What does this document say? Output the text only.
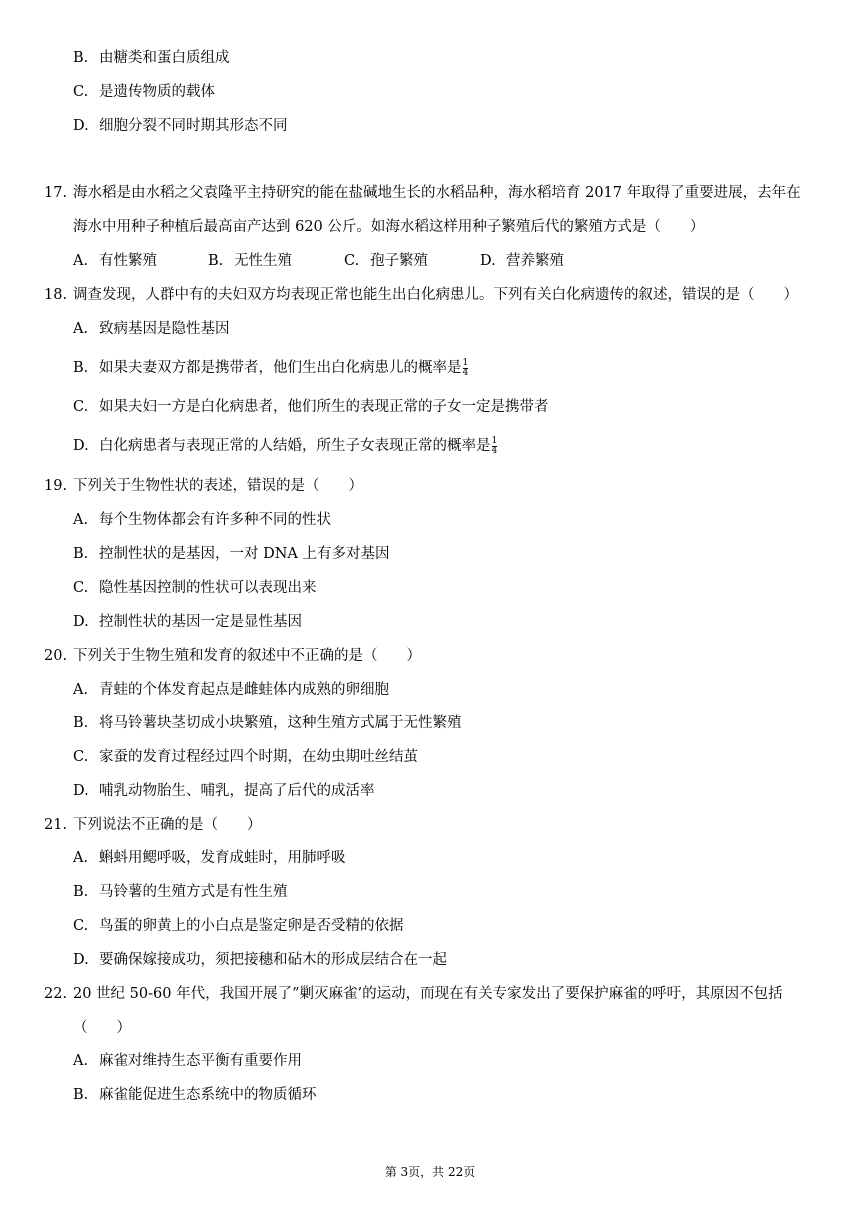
B. 由糖类和蛋白质组成
C. 是遗传物质的载体
D. 细胞分裂不同时期其形态不同
17. 海水稻是由水稻之父袁隆平主持研究的能在盐碱地生长的水稻品种，海水稻培育 2017 年取得了重要进展，去年在
海水中用种子种植后最高亩产达到 620 公斤。如海水稻这样用种子繁殖后代的繁殖方式是（　　）
A. 有性繁殖	B. 无性生殖	C. 孢子繁殖	D. 营养繁殖
18. 调查发现，人群中有的夫妇双方均表现正常也能生出白化病患儿。下列有关白化病遗传的叙述，错误的是（　　）
A. 致病基因是隐性基因
B. 如果夫妻双方都是携带者，他们生出白化病患儿的概率是 $\frac{1}{4}$
C. 如果夫妇一方是白化病患者，他们所生的表现正常的子女一定是携带者
D. 白化病患者与表现正常的人结婚，所生子女表现正常的概率是 $\frac{1}{4}$
19. 下列关于生物性状的表述，错误的是（　　）
A. 每个生物体都会有许多种不同的性状
B. 控制性状的是基因，一对 DNA 上有多对基因
C. 隐性基因控制的性状可以表现出来
D. 控制性状的基因一定是显性基因
20. 下列关于生物生殖和发育的叙述中不正确的是（　　）
A. 青蛙的个体发育起点是雌蛙体内成熟的卵细胞
B. 将马铃薯块茎切成小块繁殖，这种生殖方式属于无性繁殖
C. 家蚕的发育过程经过四个时期，在幼虫期吐丝结茧
D. 哺乳动物胎生、哺乳，提高了后代的成活率
21. 下列说法不正确的是（　　）
A. 蝌蚪用鳃呼吸，发育成蛙时，用肺呼吸
B. 马铃薯的生殖方式是有性生殖
C. 鸟蛋的卵黄上的小白点是鉴定卵是否受精的依据
D. 要确保嫁接成功，须把接穗和砧木的形成层结合在一起
22. 20 世纪 50-60 年代，我国开展了”剿灭麻雀’的运动，而现在有关专家发出了要保护麻雀的呼吁，其原因不包括
（　　）
A. 麻雀对维持生态平衡有重要作用
B. 麻雀能促进生态系统中的物质循环
第 3页，共 22页
